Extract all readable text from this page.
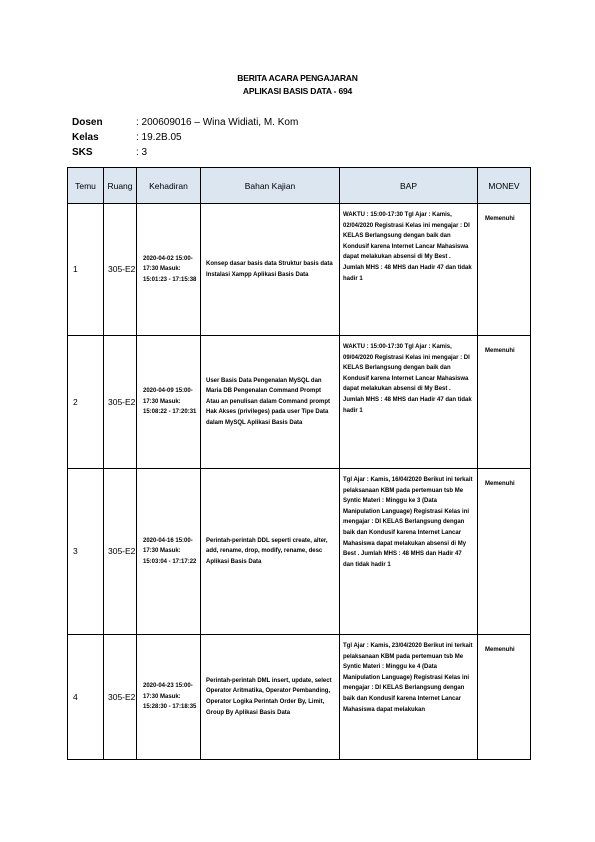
BERITA ACARA PENGAJARAN
APLIKASI BASIS DATA - 694
Dosen	: 200609016 – Wina Widiati, M. Kom
Kelas	: 19.2B.05
SKS	: 3
Temu	Ruang	Kehadiran	Bahan Kajian	BAP	MONEV
1	305-E2	2020-04-02 15:00-17:30 Masuk: 15:01:23 - 17:15:38	Konsep dasar basis data Struktur basis data Instalasi Xampp Aplikasi Basis Data	WAKTU : 15:00-17:30 Tgl Ajar : Kamis, 02/04/2020 Registrasi Kelas ini mengajar : DI KELAS Berlangsung dengan baik dan Kondusif karena Internet Lancar Mahasiswa dapat melakukan absensi di My Best . Jumlah MHS : 48 MHS dan Hadir 47 dan tidak hadir 1	Memenuhi
2	305-E2	2020-04-09 15:00-17:30 Masuk: 15:08:22 - 17:20:31	User Basis Data Pengenalan MySQL dan Maria DB Pengenalan Command Prompt Atau an penulisan dalam Command prompt Hak Akses (privileges) pada user Tipe Data dalam MySQL Aplikasi Basis Data	WAKTU : 15:00-17:30 Tgl Ajar : Kamis, 09/04/2020 Registrasi Kelas ini mengajar : DI KELAS Berlangsung dengan baik dan Kondusif karena Internet Lancar Mahasiswa dapat melakukan absensi di My Best . Jumlah MHS : 48 MHS dan Hadir 47 dan tidak hadir 1	Memenuhi
3	305-E2	2020-04-16 15:00-17:30 Masuk: 15:03:04 - 17:17:22	Perintah-perintah DDL seperti create, alter, add, rename, drop, modify, rename, desc Aplikasi Basis Data	Tgl Ajar : Kamis, 16/04/2020 Berikut ini terkait pelaksanaan KBM pada pertemuan tsb Me Syntic Materi : Minggu ke 3 (Data Manipulation Language) Registrasi Kelas ini mengajar : DI KELAS Berlangsung dengan baik dan Kondusif karena Internet Lancar Mahasiswa dapat melakukan absensi di My Best . Jumlah MHS : 48 MHS dan Hadir 47 dan tidak hadir 1	Memenuhi
4	305-E2	2020-04-23 15:00-17:30 Masuk: 15:28:30 - 17:18:35	Perintah-perintah DML insert, update, select Operator Aritmatika, Operator Pembanding, Operator Logika Perintah Order By, Limit, Group By Aplikasi Basis Data	Tgl Ajar : Kamis, 23/04/2020 Berikut ini terkait pelaksanaan KBM pada pertemuan tsb Me Syntic Materi : Minggu ke 4 (Data Manipulation Language) Registrasi Kelas ini mengajar : DI KELAS Berlangsung dengan baik dan Kondusif karena Internet Lancar Mahasiswa dapat melakukan	Memenuhi
